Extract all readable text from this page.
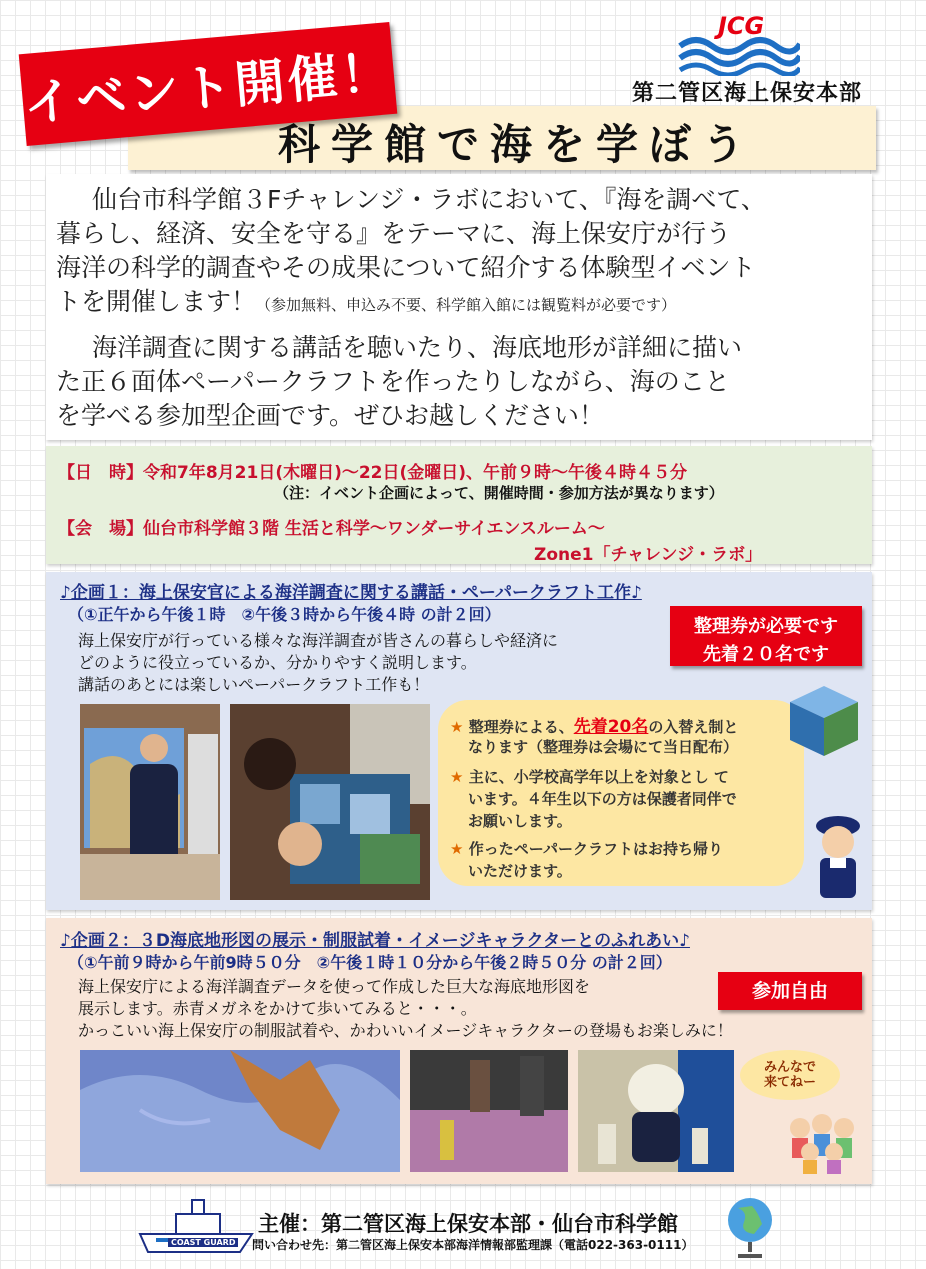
科学館で海を学ぼう
イベント開催！
JCG
第二管区海上保安本部
仙台市科学館３Fチャレンジ・ラボにおいて、『海を調べて、
暮らし、経済、安全を守る』をテーマに、海上保安庁が行う
海洋の科学的調査やその成果について紹介する体験型イベント
トを開催します！（参加無料、申込み不要、科学館入館には観覧料が必要です）
海洋調査に関する講話を聴いたり、海底地形が詳細に描い
た正６面体ペーパークラフトを作ったりしながら、海のこと
を学べる参加型企画です。ぜひお越しください！
【日　時】令和7年8月21日(木曜日)～22日(金曜日)、午前９時～午後４時４５分
（注：イベント企画によって、開催時間・参加方法が異なります）
【会　場】仙台市科学館３階 生活と科学～ワンダーサイエンスルーム～
Zone1「チャレンジ・ラボ」
♪企画１：海上保安官による海洋調査に関する講話・ペーパークラフト工作♪
（①正午から午後１時　②午後３時から午後４時 の計２回）
海上保安庁が行っている様々な海洋調査が皆さんの暮らしや経済に
どのように役立っているか、分かりやすく説明します。
講話のあとには楽しいペーパークラフト工作も！
整理券が必要です
先着２０名です
★ 整理券による、先着20名の入替え制と
なります（整理券は会場にて当日配布）
★ 主に、小学校高学年以上を対象とし て
います。４年生以下の方は保護者同伴で
お願いします。
★ 作ったペーパークラフトはお持ち帰り
いただけます。
♪企画２：３D海底地形図の展示・制服試着・イメージキャラクターとのふれあい♪
（①午前９時から午前9時５０分　②午後１時１０分から午後２時５０分 の計２回）
海上保安庁による海洋調査データを使って作成した巨大な海底地形図を
展示します。赤青メガネをかけて歩いてみると・・・。
かっこいい海上保安庁の制服試着や、かわいいイメージキャラクターの登場もお楽しみに！
参加自由
みんなで
来てねー
COAST GUARD
主催：第二管区海上保安本部・仙台市科学館
問い合わせ先：第二管区海上保安本部海洋情報部監理課（電話022-363-0111）
